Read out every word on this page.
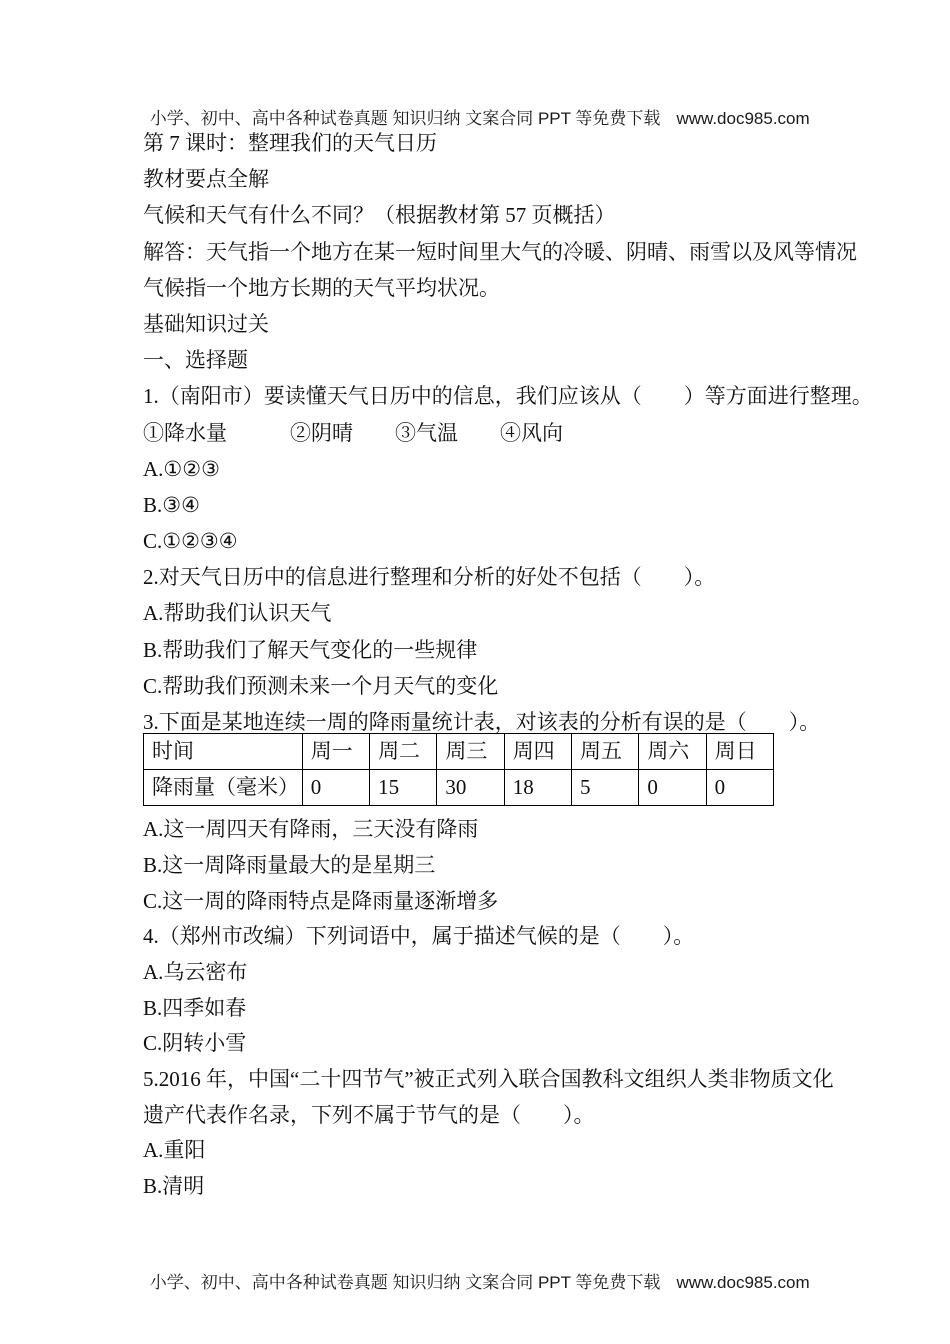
小学、初中、高中各种试卷真题 知识归纳 文案合同 PPT 等免费下载 www.doc985.com

第 7 课时：整理我们的天气日历

教材要点全解

气候和天气有什么不同？（根据教材第 57 页概括）

解答：天气指一个地方在某一短时间里大气的冷暖、阴晴、雨雪以及风等情况

气候指一个地方长期的天气平均状况。

基础知识过关

一、选择题

1.（南阳市）要读懂天气日历中的信息，我们应该从（　　）等方面进行整理。

①降水量　　　②阴晴　　③气温　　④风向

A.①②③

B.③④

C.①②③④

2.对天气日历中的信息进行整理和分析的好处不包括（　　）。

A.帮助我们认识天气

B.帮助我们了解天气变化的一些规律

C.帮助我们预测未来一个月天气的变化

3.下面是某地连续一周的降雨量统计表，对该表的分析有误的是（　　）。

时间	周一	周二	周三	周四	周五	周六	周日
降雨量（毫米）	0	15	30	18	5	0	0

A.这一周四天有降雨，三天没有降雨

B.这一周降雨量最大的是星期三

C.这一周的降雨特点是降雨量逐渐增多

4.（郑州市改编）下列词语中，属于描述气候的是（　　）。

A.乌云密布

B.四季如春

C.阴转小雪

5.2016 年，中国“二十四节气”被正式列入联合国教科文组织人类非物质文化

遗产代表作名录，下列不属于节气的是（　　）。

A.重阳

B.清明

小学、初中、高中各种试卷真题 知识归纳 文案合同 PPT 等免费下载 www.doc985.com
